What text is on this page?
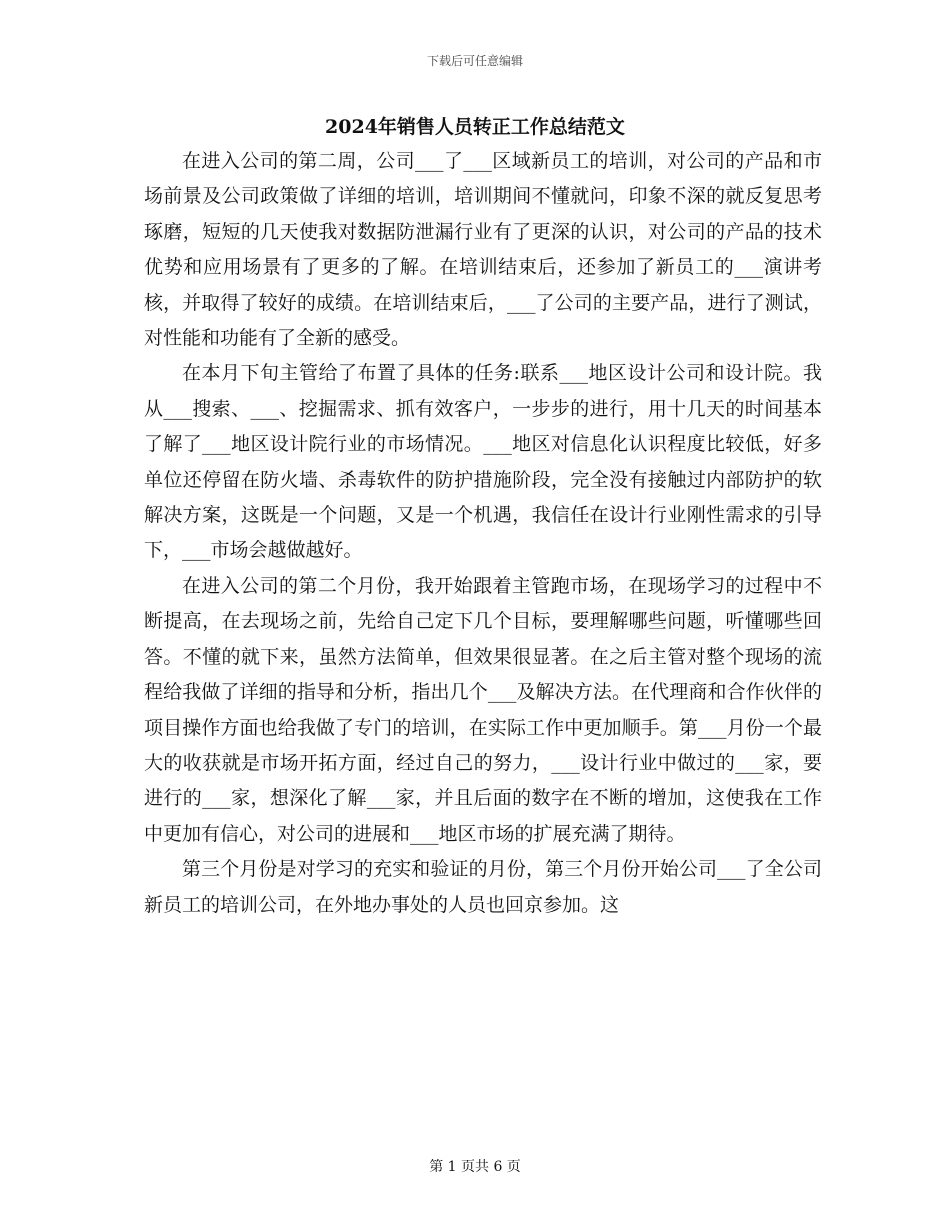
下载后可任意编辑
2024年销售人员转正工作总结范文

在进入公司的第二周，公司___了___区域新员工的培训，对公司的产品和市场前景及公司政策做了详细的培训，培训期间不懂就问，印象不深的就反复思考琢磨，短短的几天使我对数据防泄漏行业有了更深的认识，对公司的产品的技术优势和应用场景有了更多的了解。在培训结束后，还参加了新员工的___演讲考核，并取得了较好的成绩。在培训结束后，___了公司的主要产品，进行了测试，对性能和功能有了全新的感受。

在本月下旬主管给了布置了具体的任务:联系___地区设计公司和设计院。我从___搜索、___、挖掘需求、抓有效客户，一步步的进行，用十几天的时间基本了解了___地区设计院行业的市场情况。___地区对信息化认识程度比较低，好多单位还停留在防火墙、杀毒软件的防护措施阶段，完全没有接触过内部防护的软解决方案，这既是一个问题，又是一个机遇，我信任在设计行业刚性需求的引导下，___市场会越做越好。

在进入公司的第二个月份，我开始跟着主管跑市场，在现场学习的过程中不断提高，在去现场之前，先给自己定下几个目标，要理解哪些问题，听懂哪些回答。不懂的就下来，虽然方法简单，但效果很显著。在之后主管对整个现场的流程给我做了详细的指导和分析，指出几个___及解决方法。在代理商和合作伙伴的项目操作方面也给我做了专门的培训，在实际工作中更加顺手。第___月份一个最大的收获就是市场开拓方面，经过自己的努力，___设计行业中做过的___家，要进行的___家，想深化了解___家，并且后面的数字在不断的增加，这使我在工作中更加有信心，对公司的进展和___地区市场的扩展充满了期待。

第三个月份是对学习的充实和验证的月份，第三个月份开始公司___了全公司新员工的培训公司，在外地办事处的人员也回京参加。这

第 1 页共 6 页
